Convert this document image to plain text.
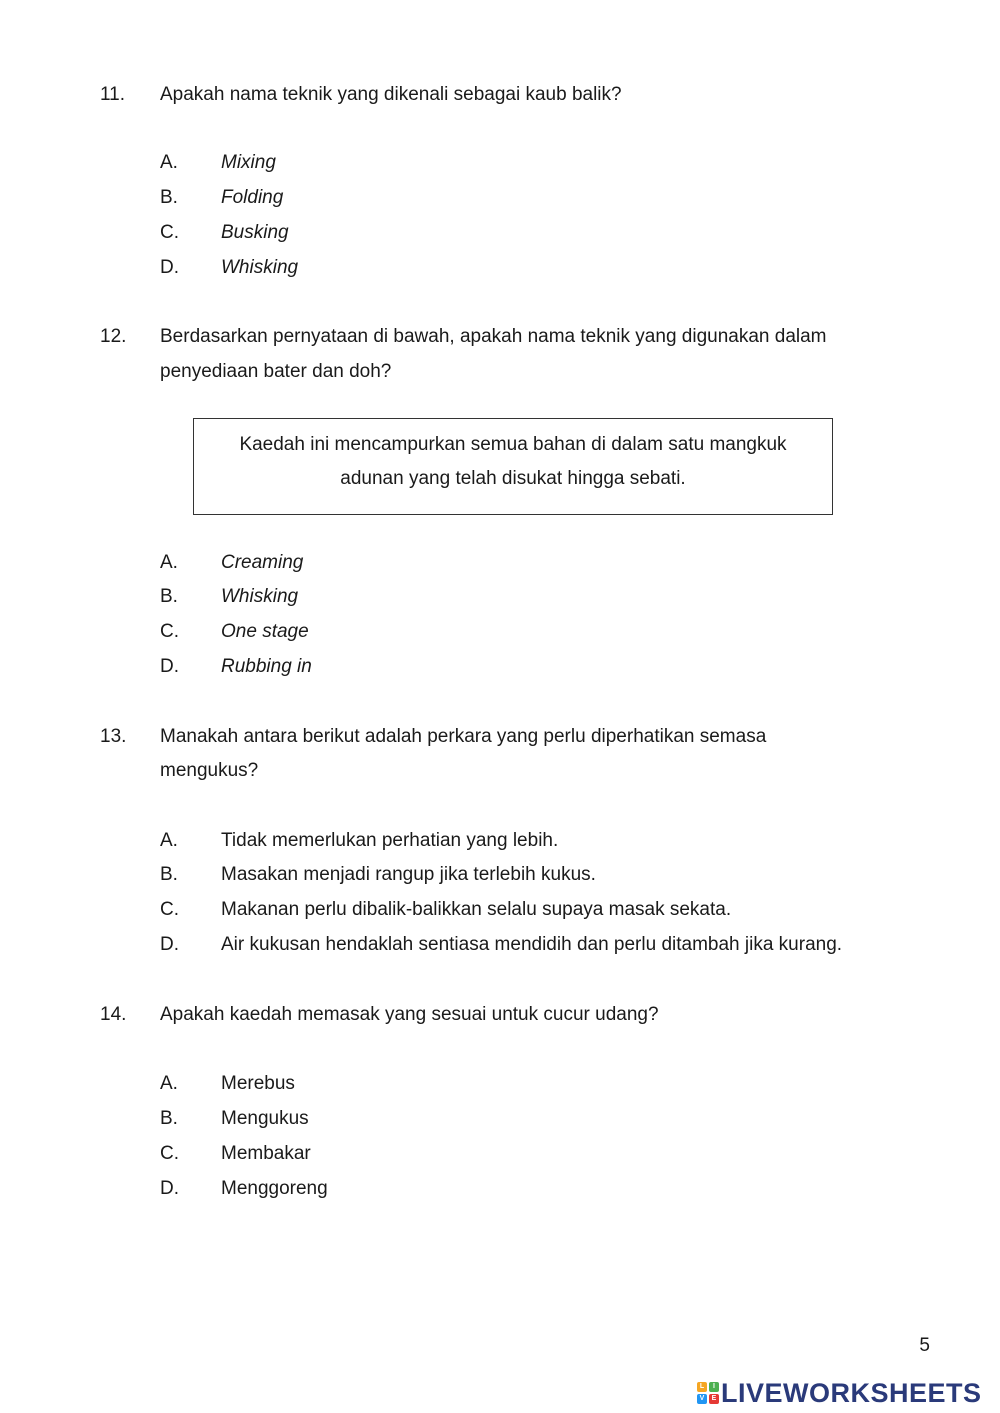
11. Apakah nama teknik yang dikenali sebagai kaub balik?
A. Mixing
B. Folding
C. Busking
D. Whisking
12. Berdasarkan pernyataan di bawah, apakah nama teknik yang digunakan dalam
penyediaan bater dan doh?
Kaedah ini mencampurkan semua bahan di dalam satu mangkuk
adunan yang telah disukat hingga sebati.
A. Creaming
B. Whisking
C. One stage
D. Rubbing in
13. Manakah antara berikut adalah perkara yang perlu diperhatikan semasa
mengukus?
A. Tidak memerlukan perhatian yang lebih.
B. Masakan menjadi rangup jika terlebih kukus.
C. Makanan perlu dibalik-balikkan selalu supaya masak sekata.
D. Air kukusan hendaklah sentiasa mendidih dan perlu ditambah jika kurang.
14. Apakah kaedah memasak yang sesuai untuk cucur udang?
A. Merebus
B. Mengukus
C. Membakar
D. Menggoreng
5
L	I
V	E LIVEWORKSHEETS
